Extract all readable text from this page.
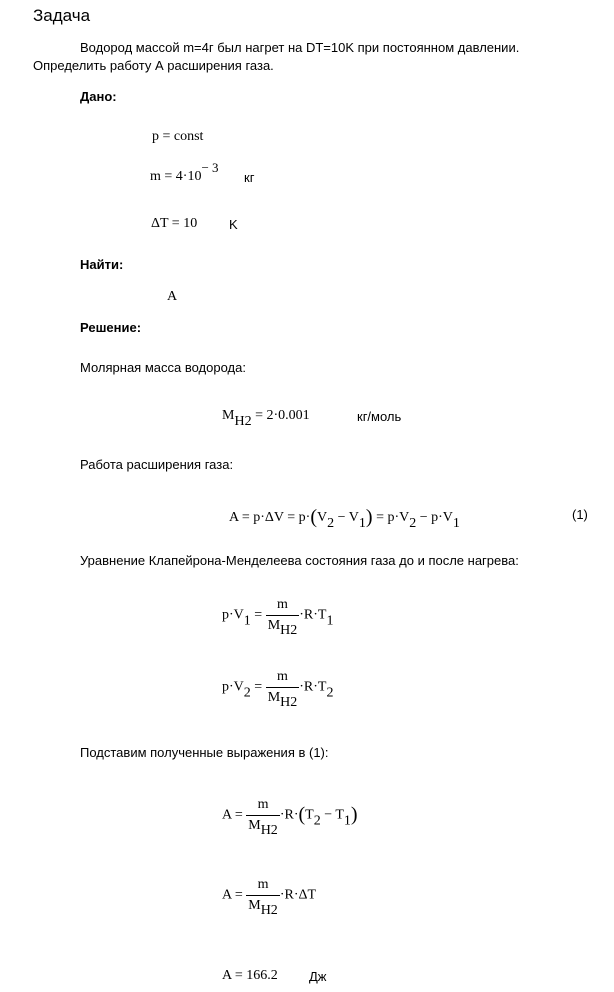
Задача
Водород массой m=4г был нагрет на DT=10K при постоянном давлении.
Определить работу А расширения газа.
Дано:
p = const
$m = 4\cdot 10^{- 3}$
кг
ΔT = 10 K
Найти:
A
Решение:
Молярная масса водорода:
$M_{H2} = 2\cdot 0.001$	кг/моль
Работа расширения газа:
$A = p\cdot\Delta V = p\cdot(V_2 - V_1) = p\cdot V_2 - p\cdot V_1$
(1)
Уравнение Клапейрона-Менделеева состояния газа до и после нагрева:
$p\cdot V_1 = \frac{m}{M_{H2}} \cdot R\cdot T_1$
$p\cdot V_2 = \frac{m}{M_{H2}} \cdot R\cdot T_2$
Подставим полученные выражения в (1):
$A = \frac{m}{M_{H2}} \cdot R\cdot(T_2 - T_1)$
$A = \frac{m}{M_{H2}} \cdot R\cdot\Delta T$
A = 166.2 Дж
